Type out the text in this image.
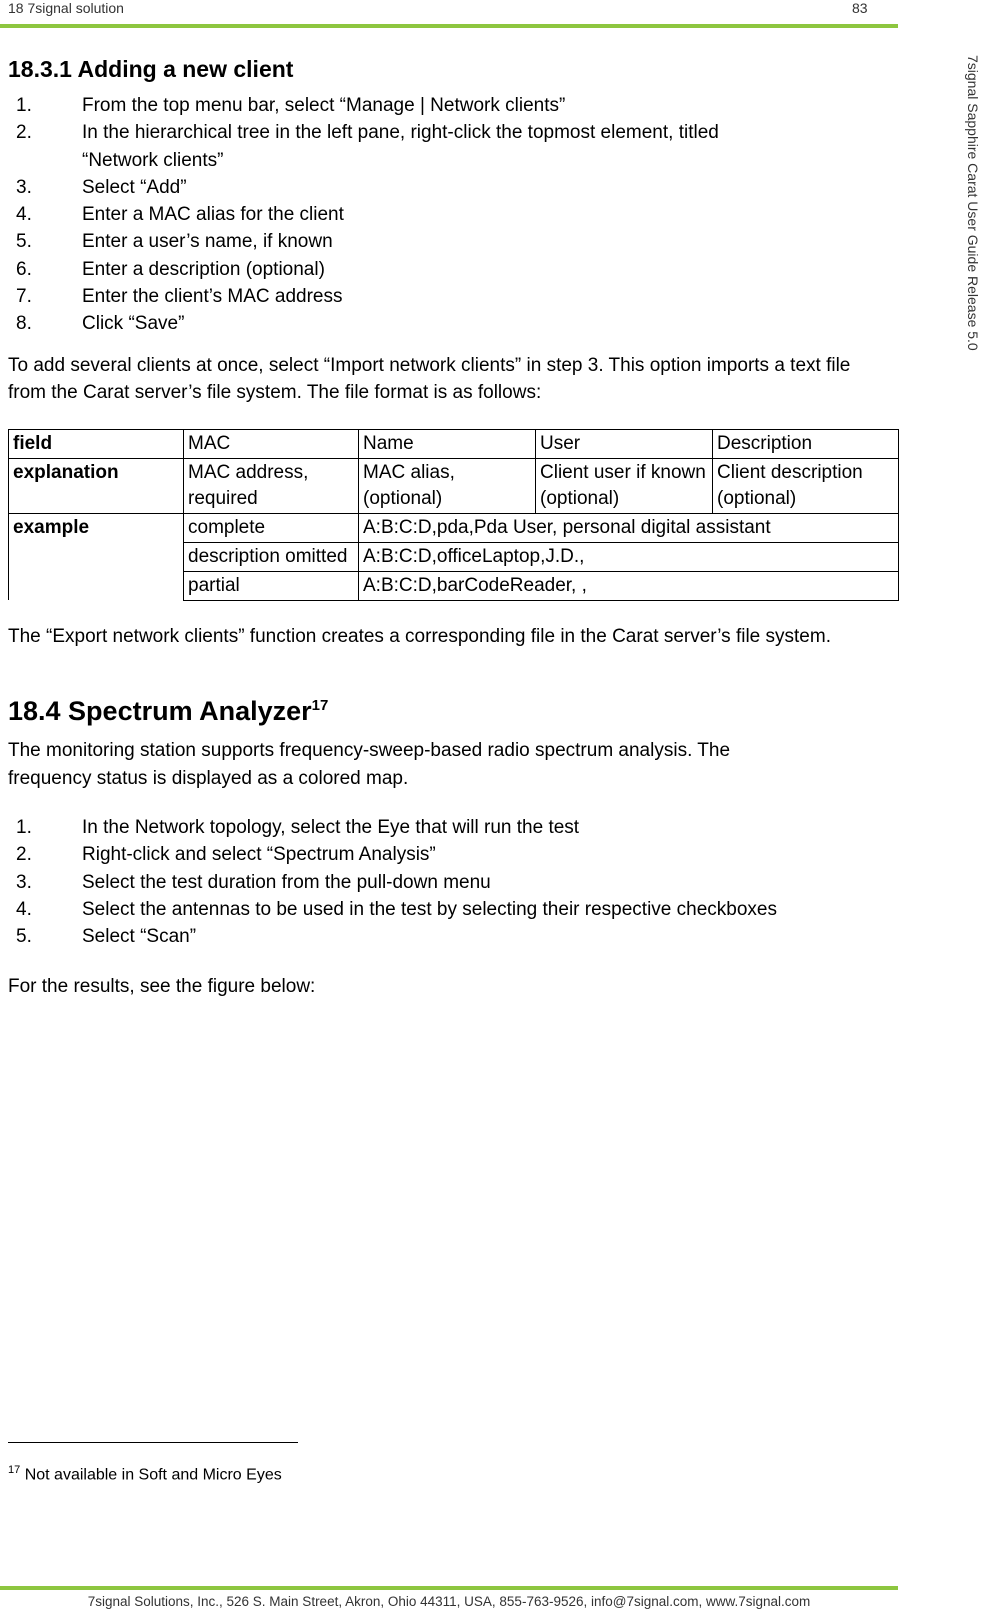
18 7signal solution	83
7signal Sapphire Carat User Guide Release 5.0
18.3.1 Adding a new client
1.	From the top menu bar, select “Manage | Network clients”
2.	In the hierarchical tree in the left pane, right-click the topmost element, titled “Network clients”
3.	Select “Add”
4.	Enter a MAC alias for the client
5.	Enter a user’s name, if known
6.	Enter a description (optional)
7.	Enter the client’s MAC address
8.	Click “Save”

To add several clients at once, select “Import network clients” in step 3. This option imports a text file from the Carat server’s file system. The file format is as follows:

field	MAC	Name	User	Description
explanation	MAC address, required	MAC alias, (optional)	Client user if known (optional)	Client description (optional)
example	complete	A:B:C:D,pda,Pda User, personal digital assistant		
	description omitted	A:B:C:D,officeLaptop,J.D.,		
	partial	A:B:C:D,barCodeReader, ,		

The “Export network clients” function creates a corresponding file in the Carat server’s file system.

18.4 Spectrum Analyzer$^{17}$

The monitoring station supports frequency-sweep-based radio spectrum analysis. The frequency status is displayed as a colored map.

1.	In the Network topology, select the Eye that will run the test
2.	Right-click and select “Spectrum Analysis”
3.	Select the test duration from the pull-down menu
4.	Select the antennas to be used in the test by selecting their respective checkboxes
5.	Select “Scan”

For the results, see the figure below:

$^{17}$ Not available in Soft and Micro Eyes
7signal Solutions, Inc., 526 S. Main Street, Akron, Ohio 44311, USA, 855-763-9526, info@7signal.com, www.7signal.com
